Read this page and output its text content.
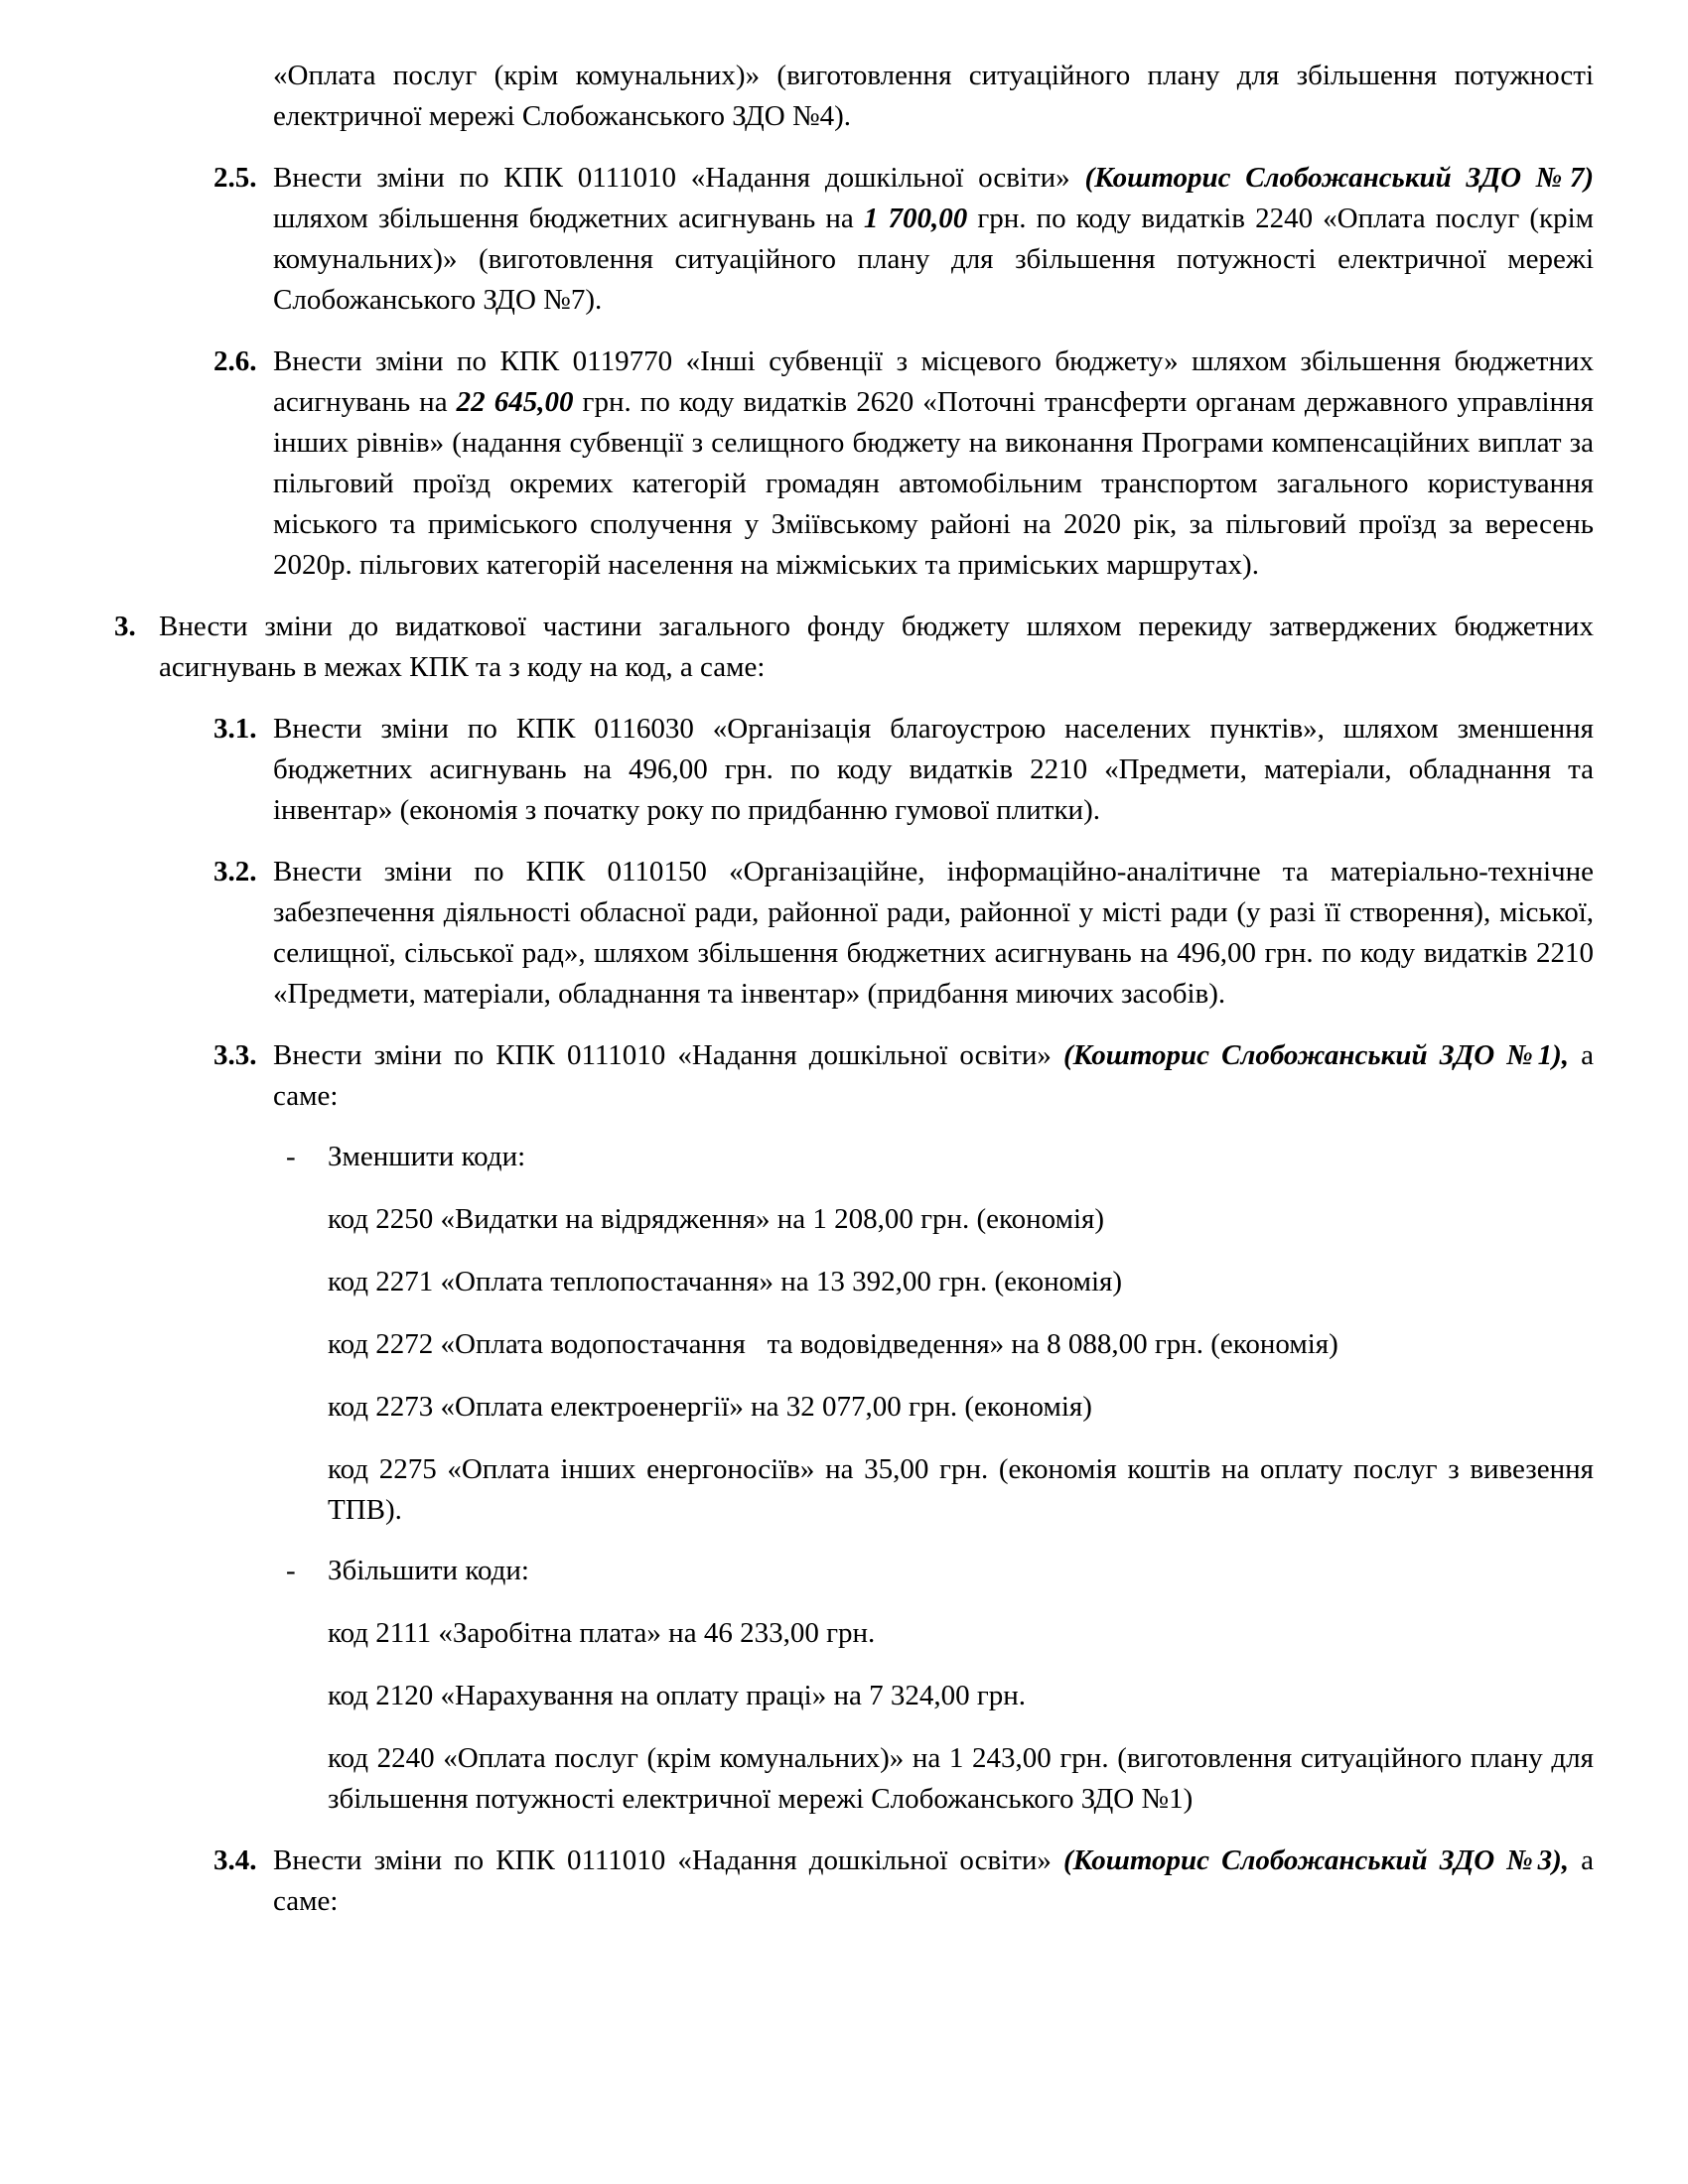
«Оплата послуг (крім комунальних)» (виготовлення ситуаційного плану для збільшення потужності електричної мережі Слобожанського ЗДО №4).

2.5. Внести зміни по КПК 0111010 «Надання дошкільної освіти» (Кошторис Слобожанський ЗДО №7) шляхом збільшення бюджетних асигнувань на 1 700,00 грн. по коду видатків 2240 «Оплата послуг (крім комунальних)» (виготовлення ситуаційного плану для збільшення потужності електричної мережі Слобожанського ЗДО №7).

2.6. Внести зміни по КПК 0119770 «Інші субвенції з місцевого бюджету» шляхом збільшення бюджетних асигнувань на 22 645,00 грн. по коду видатків 2620 «Поточні трансферти органам державного управління інших рівнів» (надання субвенції з селищного бюджету на виконання Програми компенсаційних виплат за пільговий проїзд окремих категорій громадян автомобільним транспортом загального користування міського та приміського сполучення у Зміївському районі на 2020 рік, за пільговий проїзд за вересень 2020р. пільгових категорій населення на міжміських та приміських маршрутах).

3. Внести зміни до видаткової частини загального фонду бюджету шляхом перекиду затверджених бюджетних асигнувань в межах КПК та з коду на код, а саме:

3.1. Внести зміни по КПК 0116030 «Організація благоустрою населених пунктів», шляхом зменшення бюджетних асигнувань на 496,00 грн. по коду видатків 2210 «Предмети, матеріали, обладнання та інвентар» (економія з початку року по придбанню гумової плитки).

3.2. Внести зміни по КПК 0110150 «Організаційне, інформаційно-аналітичне та матеріально-технічне забезпечення діяльності обласної ради, районної ради, районної у місті ради (у разі її створення), міської, селищної, сільської рад», шляхом збільшення бюджетних асигнувань на 496,00 грн. по коду видатків 2210 «Предмети, матеріали, обладнання та інвентар» (придбання миючих засобів).

3.3. Внести зміни по КПК 0111010 «Надання дошкільної освіти» (Кошторис Слобожанський ЗДО №1), а саме:

- Зменшити коди:

код 2250 «Видатки на відрядження» на 1 208,00 грн. (економія)

код 2271 «Оплата теплопостачання» на 13 392,00 грн. (економія)

код 2272 «Оплата водопостачання   та водовідведення» на 8 088,00 грн. (економія)

код 2273 «Оплата електроенергії» на 32 077,00 грн. (економія)

код 2275 «Оплата інших енергоносіїв» на 35,00 грн. (економія коштів на оплату послуг з вивезення ТПВ).

- Збільшити коди:

код 2111 «Заробітна плата» на 46 233,00 грн.

код 2120 «Нарахування на оплату праці» на 7 324,00 грн.

код 2240 «Оплата послуг (крім комунальних)» на 1 243,00 грн. (виготовлення ситуаційного плану для збільшення потужності електричної мережі Слобожанського ЗДО №1)

3.4. Внести зміни по КПК 0111010 «Надання дошкільної освіти» (Кошторис Слобожанський ЗДО №3), а саме:
